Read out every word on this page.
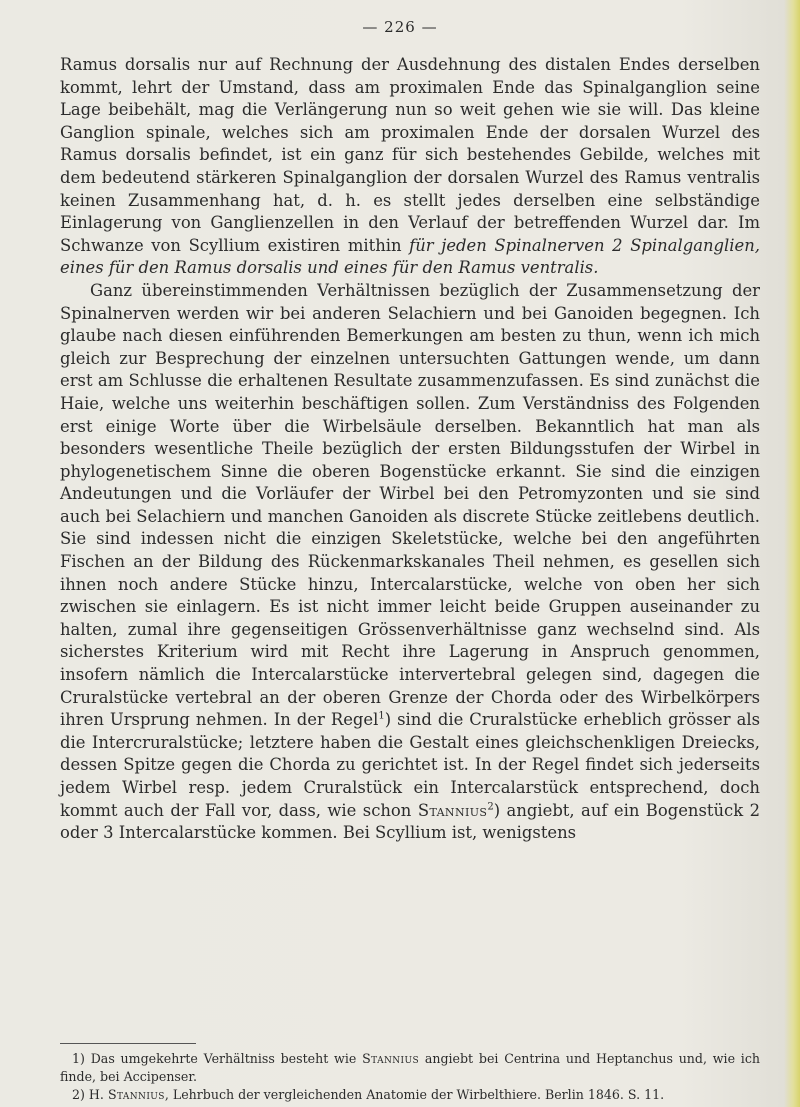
— 226 —

Ramus dorsalis nur auf Rechnung der Ausdehnung des distalen Endes derselben kommt, lehrt der Umstand, dass am proximalen Ende das Spinalganglion seine Lage beibehält, mag die Verlängerung nun so weit gehen wie sie will. Das kleine Ganglion spinale, welches sich am proximalen Ende der dorsalen Wurzel des Ramus dorsalis befindet, ist ein ganz für sich bestehendes Gebilde, welches mit dem bedeutend stärkeren Spinalganglion der dorsalen Wurzel des Ramus ventralis keinen Zusammenhang hat, d. h. es stellt jedes derselben eine selbständige Einlagerung von Ganglienzellen in den Verlauf der betreffenden Wurzel dar. Im Schwanze von Scyllium existiren mithin für jeden Spinalnerven 2 Spinalganglien, eines für den Ramus dorsalis und eines für den Ramus ventralis.

Ganz übereinstimmenden Verhältnissen bezüglich der Zusammensetzung der Spinalnerven werden wir bei anderen Selachiern und bei Ganoiden begegnen. Ich glaube nach diesen einführenden Bemerkungen am besten zu thun, wenn ich mich gleich zur Besprechung der einzelnen untersuchten Gattungen wende, um dann erst am Schlusse die erhaltenen Resultate zusammenzufassen. Es sind zunächst die Haie, welche uns weiterhin beschäftigen sollen. Zum Verständniss des Folgenden erst einige Worte über die Wirbelsäule derselben. Bekanntlich hat man als besonders wesentliche Theile bezüglich der ersten Bildungsstufen der Wirbel in phylogenetischem Sinne die oberen Bogenstücke erkannt. Sie sind die einzigen Andeutungen und die Vorläufer der Wirbel bei den Petromyzonten und sie sind auch bei Selachiern und manchen Ganoiden als discrete Stücke zeitlebens deutlich. Sie sind indessen nicht die einzigen Skeletstücke, welche bei den angeführten Fischen an der Bildung des Rückenmarkskanales Theil nehmen, es gesellen sich ihnen noch andere Stücke hinzu, Intercalarstücke, welche von oben her sich zwischen sie einlagern. Es ist nicht immer leicht beide Gruppen auseinander zu halten, zumal ihre gegenseitigen Grössenverhältnisse ganz wechselnd sind. Als sicherstes Kriterium wird mit Recht ihre Lagerung in Anspruch genommen, insofern nämlich die Intercalarstücke intervertebral gelegen sind, dagegen die Cruralstücke vertebral an der oberen Grenze der Chorda oder des Wirbelkörpers ihren Ursprung nehmen. In der Regel$^1$) sind die Cruralstücke erheblich grösser als die Intercruralstücke; letztere haben die Gestalt eines gleichschenkligen Dreiecks, dessen Spitze gegen die Chorda zu gerichtet ist. In der Regel findet sich jederseits jedem Wirbel resp. jedem Cruralstück ein Intercalarstück entsprechend, doch kommt auch der Fall vor, dass, wie schon Stannius$^2$) angiebt, auf ein Bogenstück 2 oder 3 Intercalarstücke kommen. Bei Scyllium ist, wenigstens

1) Das umgekehrte Verhältniss besteht wie Stannius angiebt bei Centrina und Heptanchus und, wie ich finde, bei Accipenser.

2) H. Stannius, Lehrbuch der vergleichenden Anatomie der Wirbelthiere. Berlin 1846. S. 11.
